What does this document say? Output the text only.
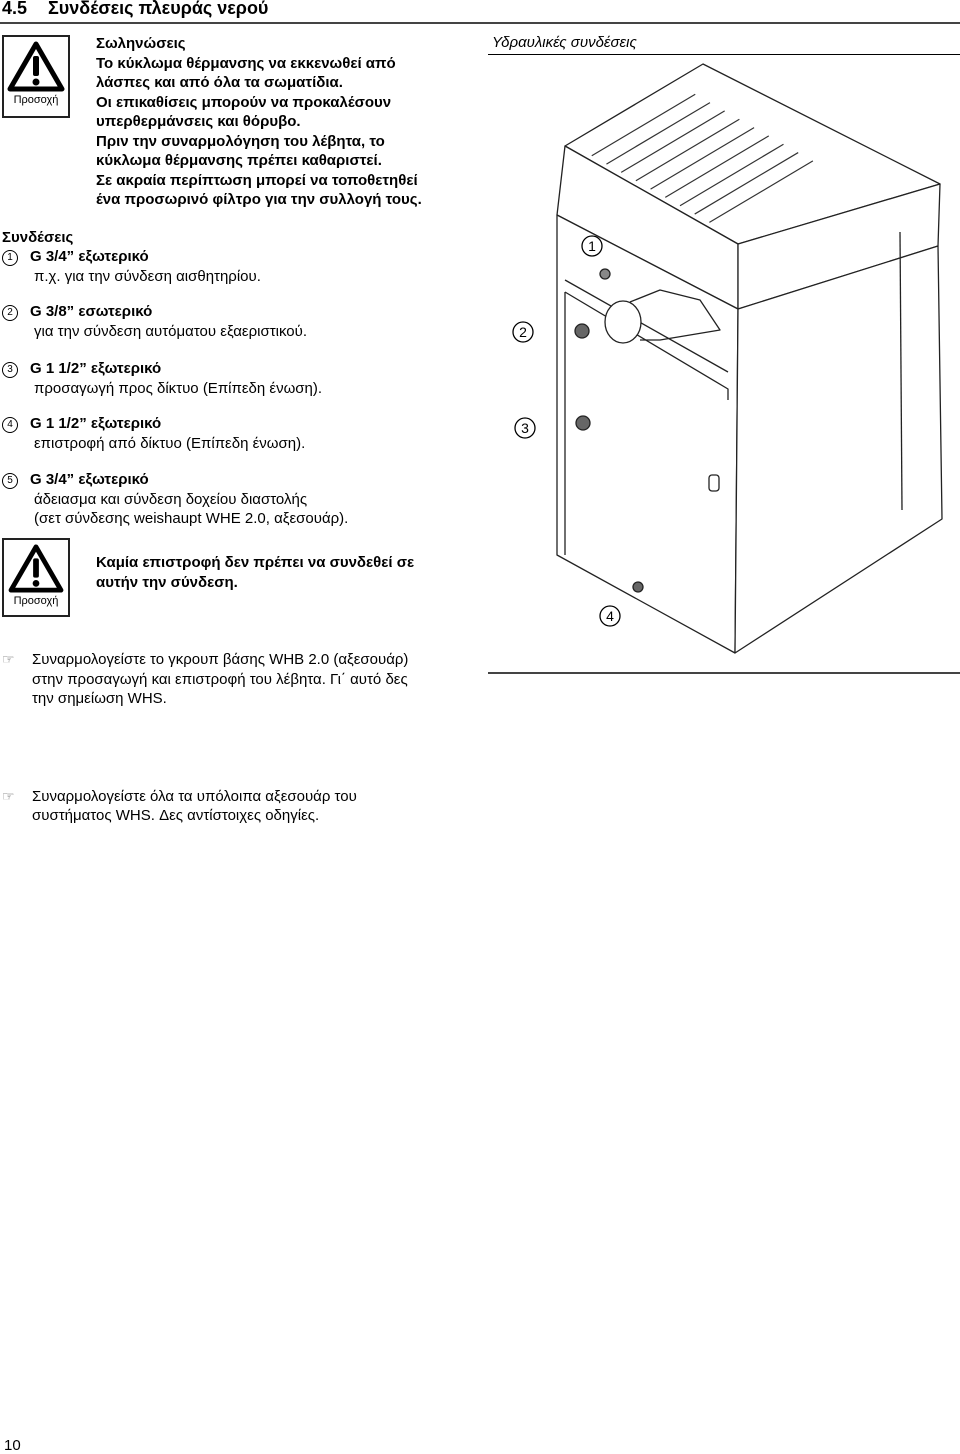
4.5 Συνδέσεις πλευράς νερού
Προσοχή
Σωληνώσεις
Το κύκλωμα θέρμανσης να εκκενωθεί από
λάσπες και από όλα τα σωματίδια.
Οι επικαθίσεις μπορούν να προκαλέσουν
υπερθερμάνσεις και θόρυβο.
Πριν την συναρμολόγηση του λέβητα, το
κύκλωμα θέρμανσης πρέπει καθαριστεί.
Σε ακραία περίπτωση μπορεί να τοποθετηθεί
ένα προσωρινό φίλτρο για την συλλογή τους.
Συνδέσεις
1 G 3/4” εξωτερικό
π.χ. για την σύνδεση αισθητηρίου.
2 G 3/8” εσωτερικό
για την σύνδεση αυτόματου εξαεριστικού.
3 G 1 1/2” εξωτερικό
προσαγωγή προς δίκτυο (Επίπεδη ένωση).
4 G 1 1/2” εξωτερικό
επιστροφή από δίκτυο (Επίπεδη ένωση).
5 G 3/4” εξωτερικό
άδειασμα και σύνδεση δοχείου διαστολής
(σετ σύνδεσης weishaupt WHE 2.0, αξεσουάρ).
Προσοχή
Καμία επιστροφή δεν πρέπει να συνδεθεί σε
αυτήν την σύνδεση.
☞ Συναρμολογείστε το γκρουπ βάσης WHB 2.0 (αξεσουάρ)
στην προσαγωγή και επιστροφή του λέβητα. Γι΄ αυτό δες
την σημείωση WHS.
☞ Συναρμολογείστε όλα τα υπόλοιπα αξεσουάρ του
συστήματος WHS. Δες αντίστοιχες οδηγίες.
Υδραυλικές συνδέσεις
1
2
3
4
10
